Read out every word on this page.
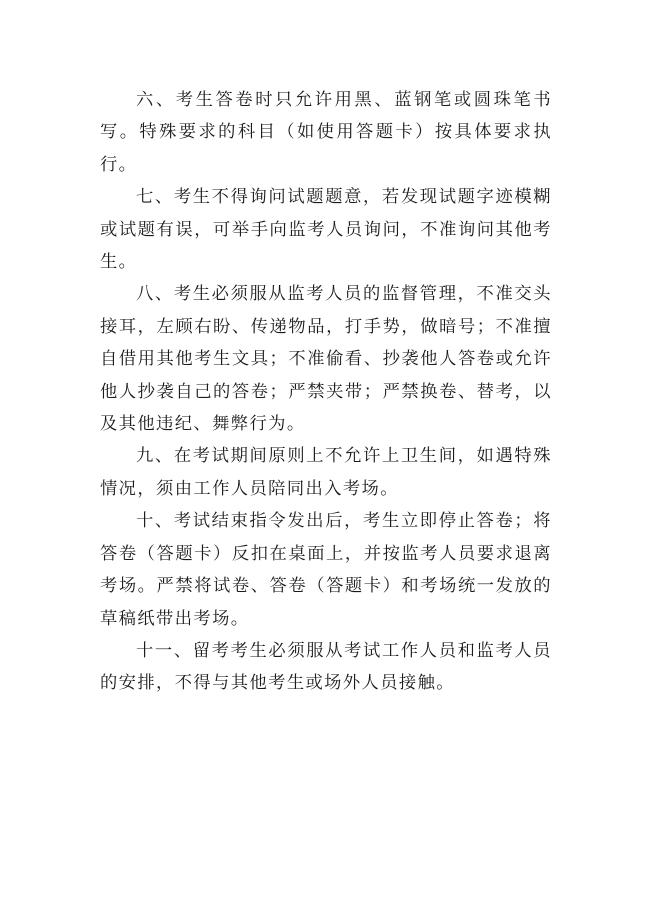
六、考生答卷时只允许用黑、蓝钢笔或圆珠笔书写。特殊要求的科目（如使用答题卡）按具体要求执行。

七、考生不得询问试题题意，若发现试题字迹模糊或试题有误，可举手向监考人员询问，不准询问其他考生。

八、考生必须服从监考人员的监督管理，不准交头接耳，左顾右盼、传递物品，打手势，做暗号；不准擅自借用其他考生文具；不准偷看、抄袭他人答卷或允许他人抄袭自己的答卷；严禁夹带；严禁换卷、替考，以及其他违纪、舞弊行为。

九、在考试期间原则上不允许上卫生间，如遇特殊情况，须由工作人员陪同出入考场。

十、考试结束指令发出后，考生立即停止答卷；将答卷（答题卡）反扣在桌面上，并按监考人员要求退离考场。严禁将试卷、答卷（答题卡）和考场统一发放的草稿纸带出考场。

十一、留考考生必须服从考试工作人员和监考人员的安排，不得与其他考生或场外人员接触。
